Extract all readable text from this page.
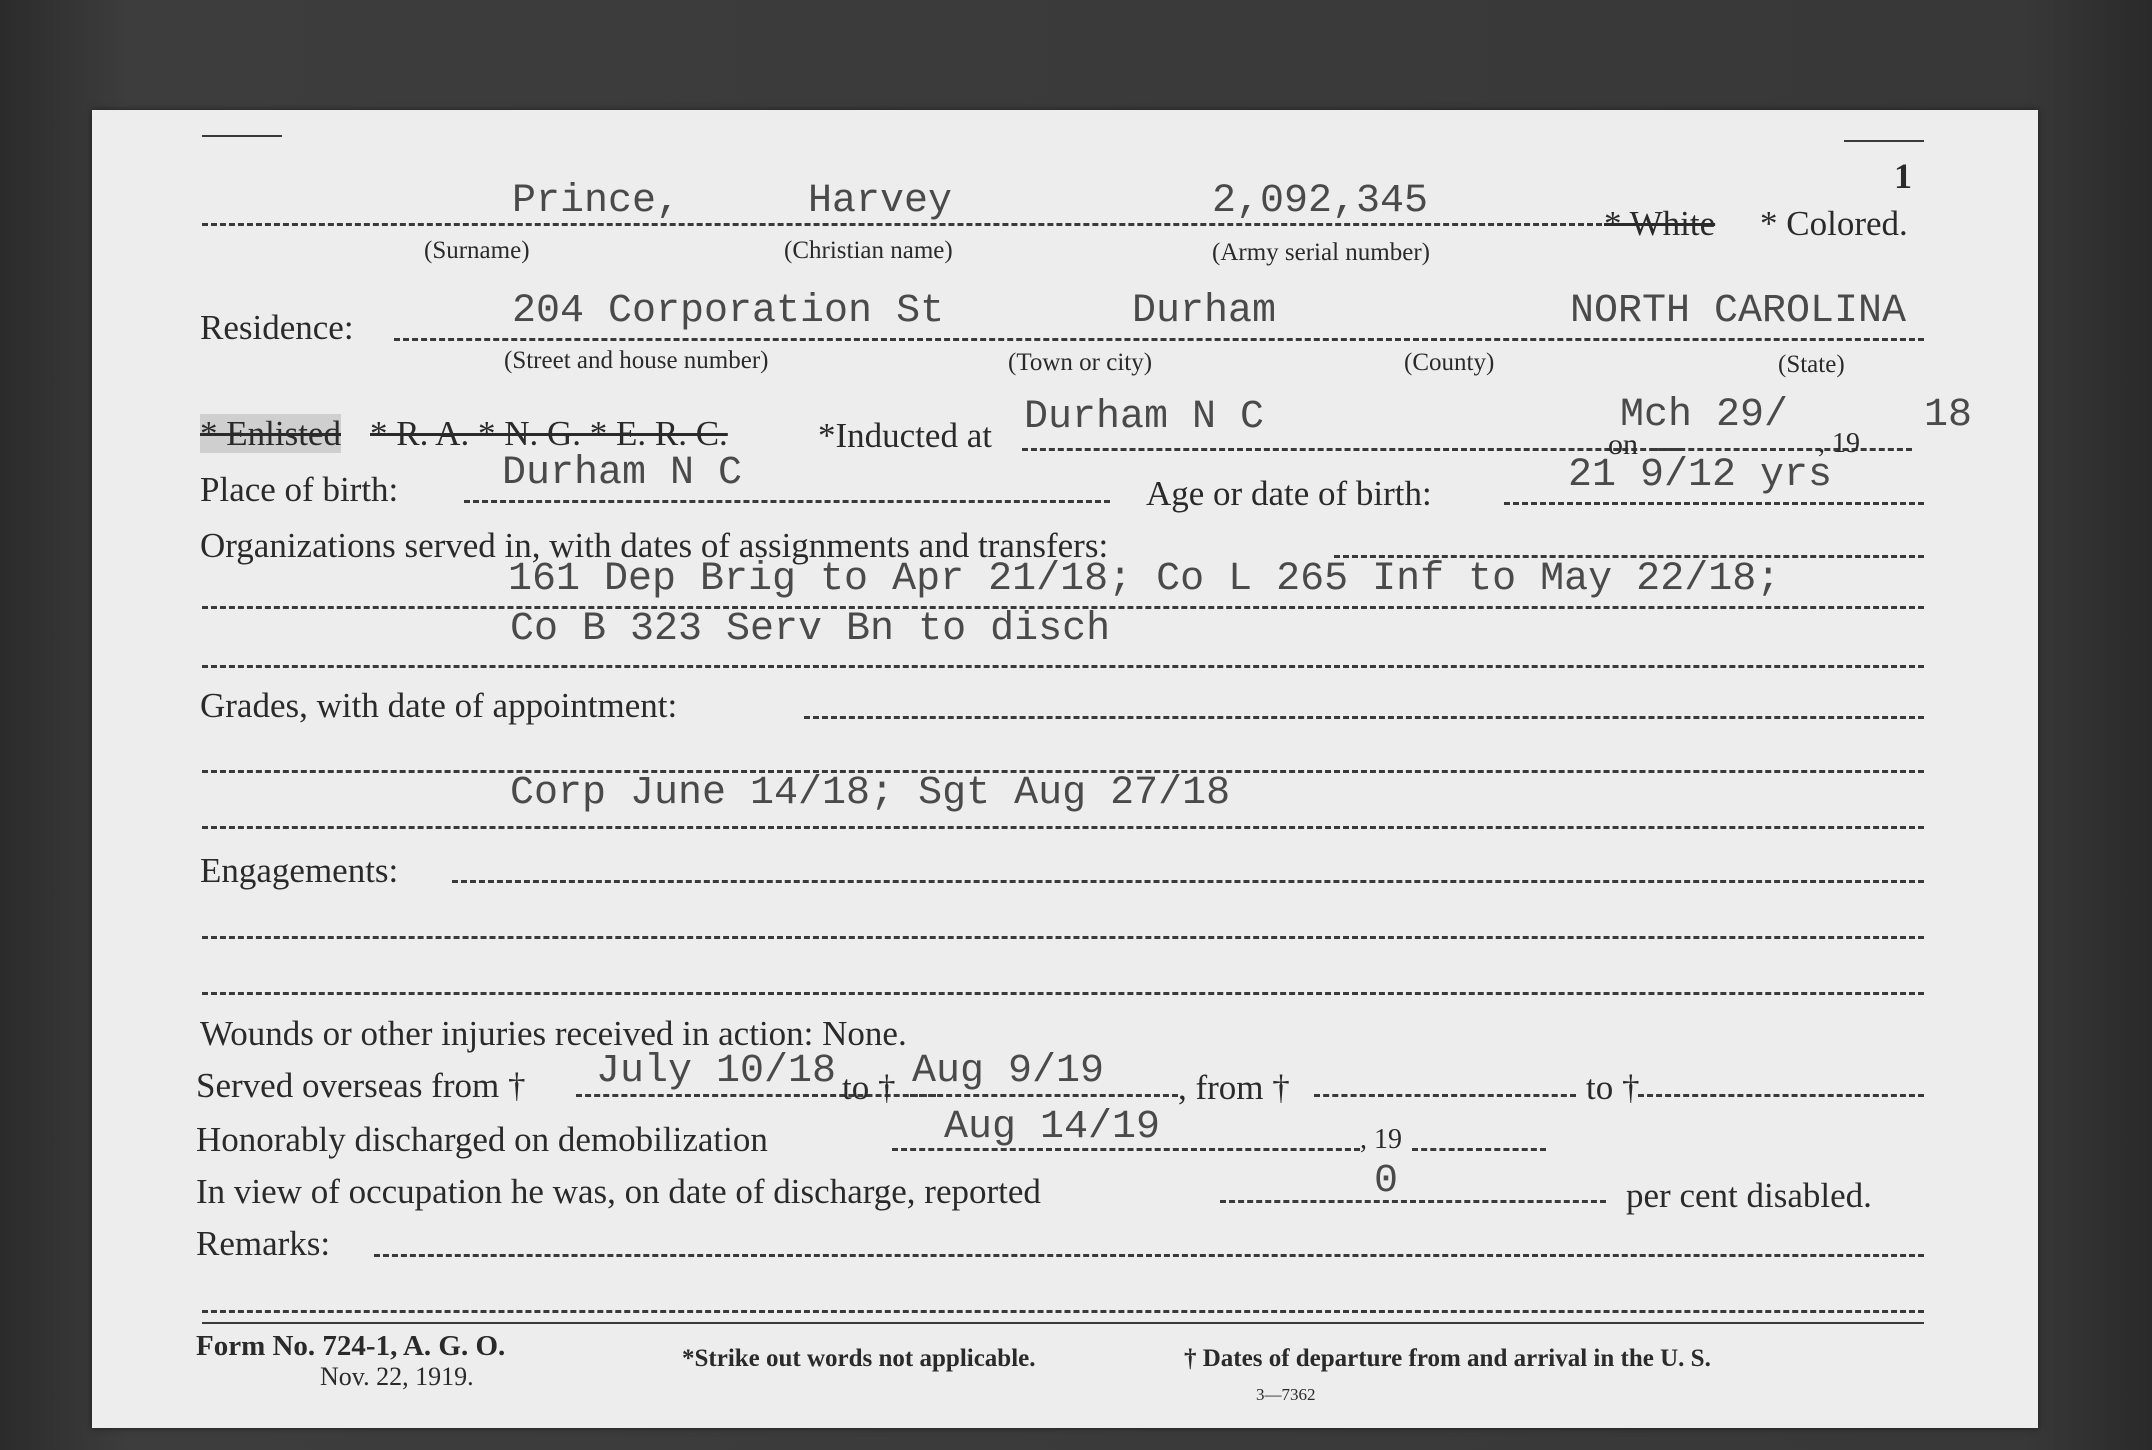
1
Prince,	Harvey	2,092,345	* White * Colored.
(Surname)	(Christian name)	(Army serial number)
Residence:	204 Corporation St	Durham	NORTH CAROLINA
(Street and house number)	(Town or city)	(County)	(State)
* Enlisted * R. A. * N. G. * E. R. C.	*Inducted at Durham N C
on
Mch 29/
, 19
18
Place of birth:	Durham N C	Age or date of birth:	21 9/12 yrs
Organizations served in, with dates of assignments and transfers:
161 Dep Brig to Apr 21/18; Co L 265 Inf to May 22/18;
Co B 323 Serv Bn to disch
Grades, with date of appointment:
Corp June 14/18; Sgt Aug 27/18
Engagements:
Wounds or other injuries received in action: None.
Served overseas from † July 10/18 to † Aug 9/19 , from †	to †
Honorably discharged on demobilization	Aug 14/19	, 19
In view of occupation he was, on date of discharge, reported	0	per cent disabled.
Remarks:
Form No. 724-1, A. G. O.
Nov. 22, 1919.
*Strike out words not applicable.	† Dates of departure from and arrival in the U. S.
3—7362
